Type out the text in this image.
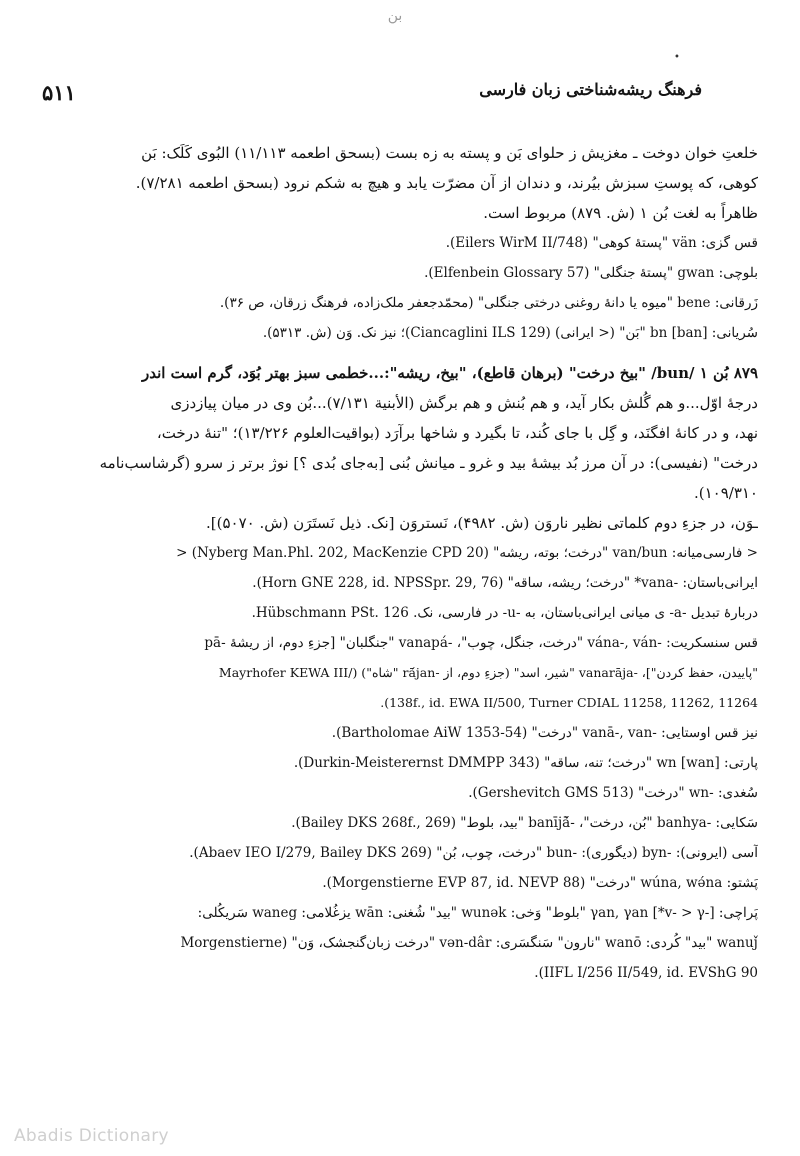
بن
•
۵۱۱	فرهنگ ریشه‌شناختی زبان فارسی
خلعتِ خوان دوخت ـ مغزیش ز حلوای بَن و پسته به زه بست (بسحق اطعمه ۱۱/۱۱۳) البُوی کَلَک: بَن
کوهی، که پوستِ سبزش بیُرند، و دندان از آن مضرّت یابد و هیچ به شکم نرود (بسحق اطعمه ۷/۲۸۱).
ظاهراً به لغت بُن ۱ (ش. ۸۷۹) مربوط است.
قس گزی: vän "پستهٔ کوهی" (Eilers WirM II/748).
بلوچی: gwan "پستهٔ جنگلی" (Elfenbein Glossary 57).
زَرقانی: bene "میوه یا دانهٔ روغنی درختی جنگلی" (محمّدجعفر ملک‌زاده، فرهنگ زرقان، ص ۳۶).
سُریانی: [ban] bn "بَن" (< ایرانی) (Ciancaglini ILS 129)؛ نیز نک. وَن (ش. ۵۳۱۳).
۸۷۹ بُن ۱ /bun/ "بیخ درخت" (برهان قاطع)، "بیخ، ریشه":...خطمی سبز بهتر بُوَد، گرم است اندر
درجهٔ اوّل...و هم گُلش بکار آید، و هم بُنش و هم برگش (الأبنیة ۷/۱۳۱)...بُن وی در میان پیازدزی
نهد، و در کانهٔ افگنَد، و گِل با جای کُند، تا بگیرد و شاخها برآرَد (بواقیت‌العلوم ۱۳/۲۲۶)؛ "تنهٔ درخت،
درخت" (نفیسی): در آن مرز بُد بیشهٔ بید و غرو ـ میانش بُنی [به‌جای بُدی ؟] نوژ برتر ز سرو (گرشاسب‌نامه
۱۰۹/۳۱۰).
ـوَن، در جزءِ دوم کلماتی نظیر ناروَن (ش. ۴۹۸۲)، نَستروَن [نک. ذیل نَستَرَن (ش. ۵۰۷۰)].
< فارسی‌میانه: van/bun "درخت؛ بوته، ریشه" (Nyberg Man.Phl. 202, MacKenzie CPD 20) <
ایرانی‌باستان: -vana* "درخت؛ ریشه، ساقه" (Horn GNE 228, id. NPSSpr. 29, 76).
دربارهٔ تبدیل -a- ی میانی ایرانی‌باستان، به -u- در فارسی، نک. Hübschmann PSt. 126.
قس سنسکریت: -vána-, ván "درخت، جنگل، چوب"، -vanapá "جنگلبان" [جزءِ دوم، از ریشهٔ -pā
"پاییدن، حفظ کردن"]، -vanarāja "شیر، اسد" (جزءِ دوم، از -rā́jan "شاه") (/Mayrhofer KEWA III
138f., id. EWA II/500, Turner CDIAL 11258, 11262, 11264).
نیز قس اوستایی: -vanā-, van "درخت" (Bartholomae AiW 1353-54).
پارتی: [wan] wn "درخت؛ تنه، ساقه" (Durkin-Meisterernst DMMPP 343).
سُغدی: -wn "درخت" (Gershevitch GMS 513).
سَکایی: -banhya "بُن، درخت"، -banījā̌ "بید، بلوط" (Bailey DKS 268f., 269).
آسی (ایرونی): -byn (دیگوری): -bun "درخت، چوب، بُن" (Abaev IEO I/279, Bailey DKS 269).
پَشتو: wúna, wə́na "درخت" (Morgenstierne EVP 87, id. NEVP 88).
پَراچی: γan, γan [*v- > γ-] "بلوط" وَخی: wunǝk "بید" شُغنی: wān یزغُلامی: waneg سَریکُلی:
wanuǰ "بید" کُردی: wanō "نارون" سَنگسَری: vən-dâr "درخت زبان‌گنجشک، وَن" (Morgenstierne
IIFL I/256 II/549, id. EVShG 90).
Abadis Dictionary
